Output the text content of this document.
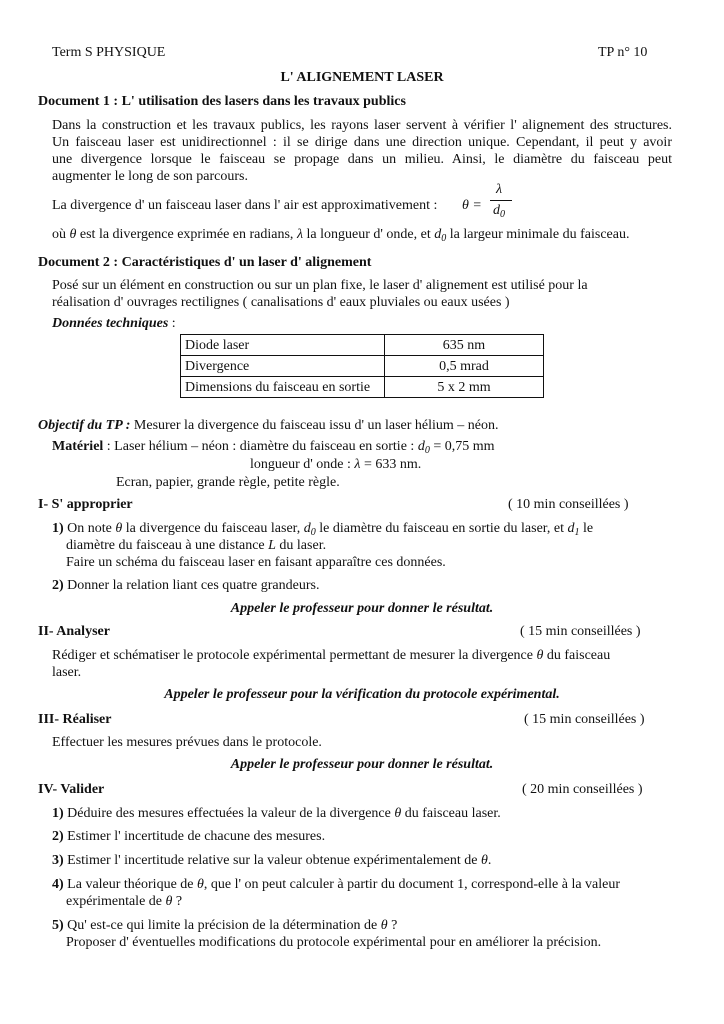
Term S PHYSIQUE	TP n° 10
L' ALIGNEMENT LASER
Document 1 : L' utilisation des lasers dans les travaux publics
Dans la construction et les travaux publics, les rayons laser servent à vérifier l' alignement des structures.
Un faisceau laser est unidirectionnel : il se dirige dans une direction unique. Cependant, il peut y avoir
une divergence lorsque le faisceau se propage dans un milieu. Ainsi, le diamètre du faisceau peut
augmenter le long de son parcours.
La divergence d' un faisceau laser dans l' air est approximativement : θ =
λ
$d_0$
où θ est la divergence exprimée en radians, λ la longueur d' onde, et $d_0$ la largeur minimale du faisceau.
Document 2 : Caractéristiques d' un laser d' alignement
Posé sur un élément en construction ou sur un plan fixe, le laser d' alignement est utilisé pour la
réalisation d' ouvrages rectilignes ( canalisations d' eaux pluviales ou eaux usées )
Données techniques :
Diode laser	635 nm
Divergence	0,5 mrad
Dimensions du faisceau en sortie	5 x 2 mm
Objectif du TP : Mesurer la divergence du faisceau issu d' un laser hélium – néon.
Matériel : Laser hélium – néon : diamètre du faisceau en sortie : $d_0 = 0,75$ mm
longueur d' onde : λ = 633 nm.
Ecran, papier, grande règle, petite règle.
I- S' approprier	( 10 min conseillées )
1) On note θ la divergence du faisceau laser, $d_0$ le diamètre du faisceau en sortie du laser, et $d_1$ le
diamètre du faisceau à une distance L du laser.
Faire un schéma du faisceau laser en faisant apparaître ces données.
2) Donner la relation liant ces quatre grandeurs.
Appeler le professeur pour donner le résultat.
II- Analyser	( 15 min conseillées )
Rédiger et schématiser le protocole expérimental permettant de mesurer la divergence θ du faisceau
laser.
Appeler le professeur pour la vérification du protocole expérimental.
III- Réaliser	( 15 min conseillées )
Effectuer les mesures prévues dans le protocole.
Appeler le professeur pour donner le résultat.
IV- Valider	( 20 min conseillées )
1) Déduire des mesures effectuées la valeur de la divergence θ du faisceau laser.
2) Estimer l' incertitude de chacune des mesures.
3) Estimer l' incertitude relative sur la valeur obtenue expérimentalement de θ.
4) La valeur théorique de θ, que l' on peut calculer à partir du document 1, correspond-elle à la valeur
expérimentale de θ ?
5) Qu' est-ce qui limite la précision de la détermination de θ ?
Proposer d' éventuelles modifications du protocole expérimental pour en améliorer la précision.
